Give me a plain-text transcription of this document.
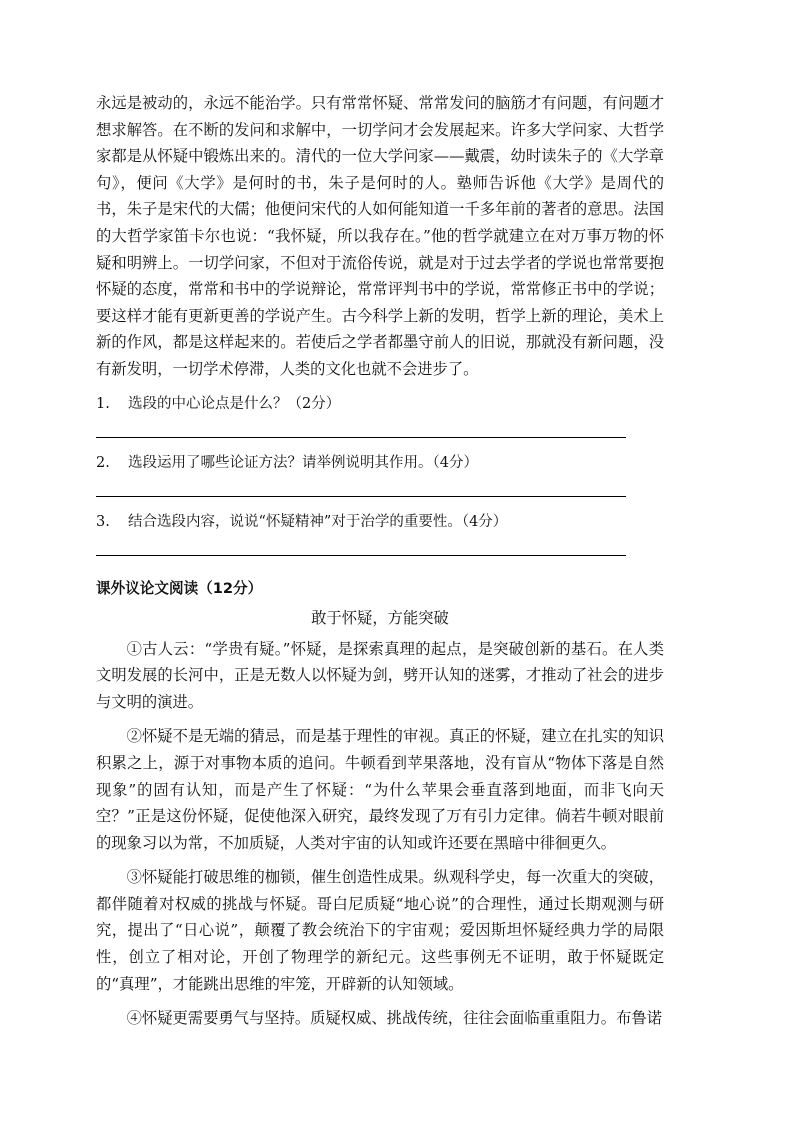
永远是被动的，永远不能治学。只有常常怀疑、常常发问的脑筋才有问题，有问题才想求解答。在不断的发问和求解中，一切学问才会发展起来。许多大学问家、大哲学家都是从怀疑中锻炼出来的。清代的一位大学问家——戴震，幼时读朱子的《大学章句》，便问《大学》是何时的书，朱子是何时的人。塾师告诉他《大学》是周代的书，朱子是宋代的大儒；他便问宋代的人如何能知道一千多年前的著者的意思。法国的大哲学家笛卡尔也说：“我怀疑，所以我存在。”他的哲学就建立在对万事万物的怀疑和明辨上。一切学问家，不但对于流俗传说，就是对于过去学者的学说也常常要抱怀疑的态度，常常和书中的学说辩论，常常评判书中的学说，常常修正书中的学说；要这样才能有更新更善的学说产生。古今科学上新的发明，哲学上新的理论，美术上新的作风，都是这样起来的。若使后之学者都墨守前人的旧说，那就没有新问题，没有新发明，一切学术停滞，人类的文化也就不会进步了。

1.	选段的中心论点是什么？（2分）

2.	选段运用了哪些论证方法？请举例说明其作用。（4分）

3.	结合选段内容，说说“怀疑精神”对于治学的重要性。（4分）

课外议论文阅读（12分）
敢于怀疑，方能突破

①古人云：“学贵有疑。”怀疑，是探索真理的起点，是突破创新的基石。在人类文明发展的长河中，正是无数人以怀疑为剑，劈开认知的迷雾，才推动了社会的进步与文明的演进。

②怀疑不是无端的猜忌，而是基于理性的审视。真正的怀疑，建立在扎实的知识积累之上，源于对事物本质的追问。牛顿看到苹果落地，没有盲从“物体下落是自然现象”的固有认知，而是产生了怀疑：“为什么苹果会垂直落到地面，而非飞向天空？”正是这份怀疑，促使他深入研究，最终发现了万有引力定律。倘若牛顿对眼前的现象习以为常，不加质疑，人类对宇宙的认知或许还要在黑暗中徘徊更久。

③怀疑能打破思维的枷锁，催生创造性成果。纵观科学史，每一次重大的突破，都伴随着对权威的挑战与怀疑。哥白尼质疑“地心说”的合理性，通过长期观测与研究，提出了“日心说”，颠覆了教会统治下的宇宙观；爱因斯坦怀疑经典力学的局限性，创立了相对论，开创了物理学的新纪元。这些事例无不证明，敢于怀疑既定的“真理”，才能跳出思维的牢笼，开辟新的认知领域。

④怀疑更需要勇气与坚持。质疑权威、挑战传统，往往会面临重重阻力。布鲁诺
